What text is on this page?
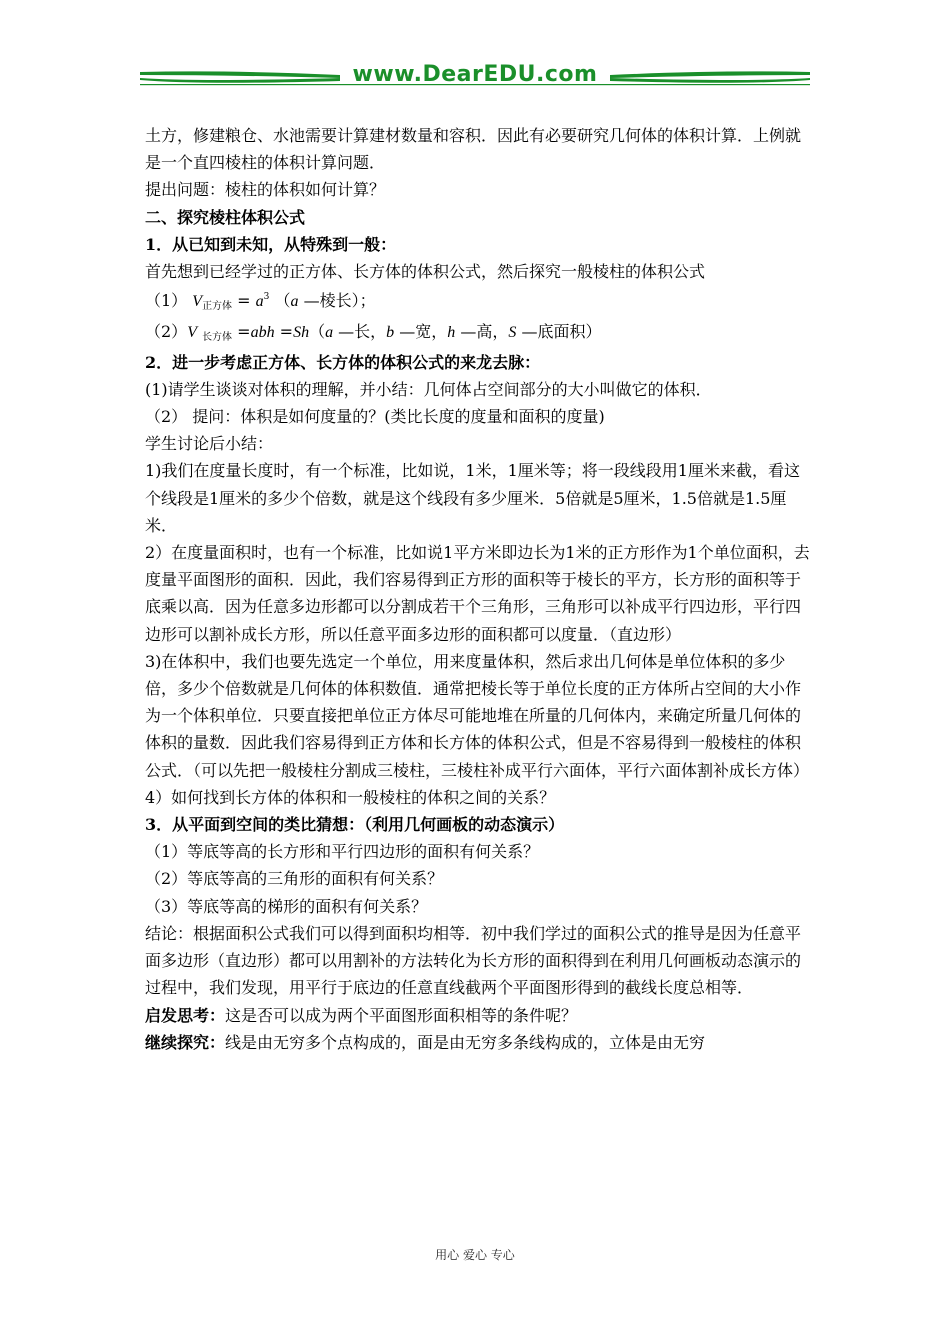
www.DearEDU.com

土方，修建粮仓、水池需要计算建材数量和容积．因此有必要研究几何体的体积计算．上例就是一个直四棱柱的体积计算问题．

提出问题：棱柱的体积如何计算？

二、探究棱柱体积公式

1．从已知到未知，从特殊到一般：

首先想到已经学过的正方体、长方体的体积公式，然后探究一般棱柱的体积公式

（1） V正方体 = $a^3$ （a —棱长）；

（2）V 长方体 =abh =Sh（a —长，b —宽，h —高，S —底面积）

2．进一步考虑正方体、长方体的体积公式的来龙去脉：

(1)请学生谈谈对体积的理解，并小结：几何体占空间部分的大小叫做它的体积．

（2） 提问：体积是如何度量的？(类比长度的度量和面积的度量)

学生讨论后小结：

1)我们在度量长度时，有一个标准，比如说，1米，1厘米等；将一段线段用1厘米来截，看这个线段是1厘米的多少个倍数，就是这个线段有多少厘米．5倍就是5厘米，1.5倍就是1.5厘米．

2）在度量面积时，也有一个标准，比如说1平方米即边长为1米的正方形作为1个单位面积，去度量平面图形的面积．因此，我们容易得到正方形的面积等于棱长的平方，长方形的面积等于底乘以高．因为任意多边形都可以分割成若干个三角形，三角形可以补成平行四边形，平行四边形可以割补成长方形，所以任意平面多边形的面积都可以度量．（直边形）

3)在体积中，我们也要先选定一个单位，用来度量体积，然后求出几何体是单位体积的多少倍，多少个倍数就是几何体的体积数值．通常把棱长等于单位长度的正方体所占空间的大小作为一个体积单位．只要直接把单位正方体尽可能地堆在所量的几何体内，来确定所量几何体的体积的量数．因此我们容易得到正方体和长方体的体积公式，但是不容易得到一般棱柱的体积公式．（可以先把一般棱柱分割成三棱柱，三棱柱补成平行六面体，平行六面体割补成长方体）

4）如何找到长方体的体积和一般棱柱的体积之间的关系？

3．从平面到空间的类比猜想：（利用几何画板的动态演示）

（1）等底等高的长方形和平行四边形的面积有何关系？

（2）等底等高的三角形的面积有何关系？

（3）等底等高的梯形的面积有何关系？

结论：根据面积公式我们可以得到面积均相等．初中我们学过的面积公式的推导是因为任意平面多边形（直边形）都可以用割补的方法转化为长方形的面积得到在利用几何画板动态演示的过程中，我们发现，用平行于底边的任意直线截两个平面图形得到的截线长度总相等．

启发思考：这是否可以成为两个平面图形面积相等的条件呢？

继续探究：线是由无穷多个点构成的，面是由无穷多条线构成的，立体是由无穷

用心 爱心 专心
